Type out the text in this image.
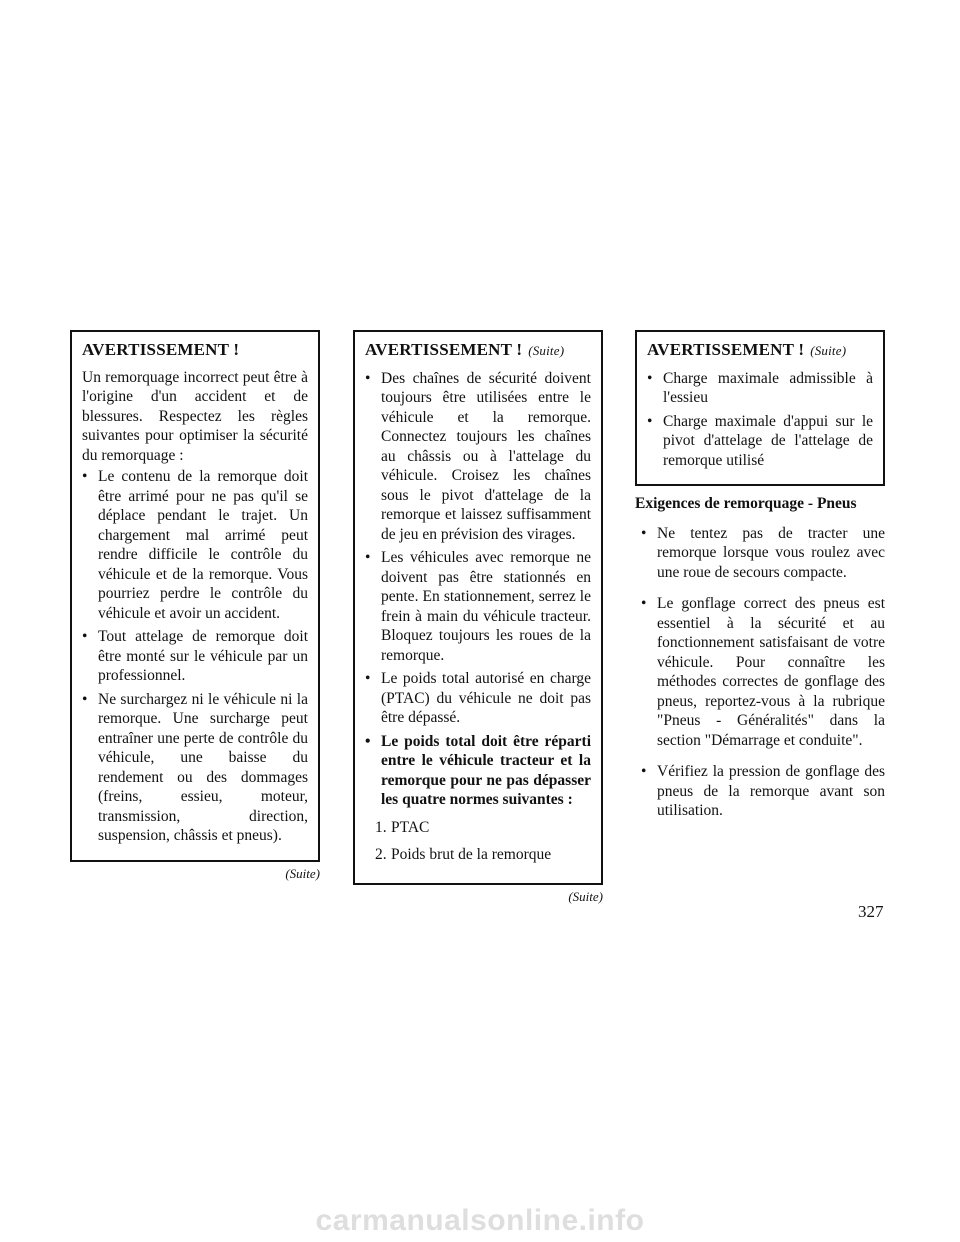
AVERTISSEMENT !

Un remorquage incorrect peut être à l'origine d'un accident et de blessures. Respectez les règles suivantes pour optimiser la sécurité du remorquage :

• Le contenu de la remorque doit être arrimé pour ne pas qu'il se déplace pendant le trajet. Un chargement mal arrimé peut rendre difficile le contrôle du véhicule et de la remorque. Vous pourriez perdre le contrôle du véhicule et avoir un accident.
• Tout attelage de remorque doit être monté sur le véhicule par un professionnel.
• Ne surchargez ni le véhicule ni la remorque. Une surcharge peut entraîner une perte de contrôle du véhicule, une baisse du rendement ou des dommages (freins, essieu, moteur, transmission, direction, suspension, châssis et pneus).
(Suite)
AVERTISSEMENT ! (Suite)
• Des chaînes de sécurité doivent toujours être utilisées entre le véhicule et la remorque. Connectez toujours les chaînes au châssis ou à l'attelage du véhicule. Croisez les chaînes sous le pivot d'attelage de la remorque et laissez suffisamment de jeu en prévision des virages.
• Les véhicules avec remorque ne doivent pas être stationnés en pente. En stationnement, serrez le frein à main du véhicule tracteur. Bloquez toujours les roues de la remorque.
• Le poids total autorisé en charge (PTAC) du véhicule ne doit pas être dépassé.
• Le poids total doit être réparti entre le véhicule tracteur et la remorque pour ne pas dépasser les quatre normes suivantes :
1. PTAC
2. Poids brut de la remorque
(Suite)
AVERTISSEMENT ! (Suite)
• Charge maximale admissible à l'essieu
• Charge maximale d'appui sur le pivot d'attelage de l'attelage de remorque utilisé
Exigences de remorquage - Pneus
• Ne tentez pas de tracter une remorque lorsque vous roulez avec une roue de secours compacte.
• Le gonflage correct des pneus est essentiel à la sécurité et au fonctionnement satisfaisant de votre véhicule. Pour connaître les méthodes correctes de gonflage des pneus, reportez-vous à la rubrique "Pneus - Généralités" dans la section "Démarrage et conduite".
• Vérifiez la pression de gonflage des pneus de la remorque avant son utilisation.
327
carmanualsonline.info
